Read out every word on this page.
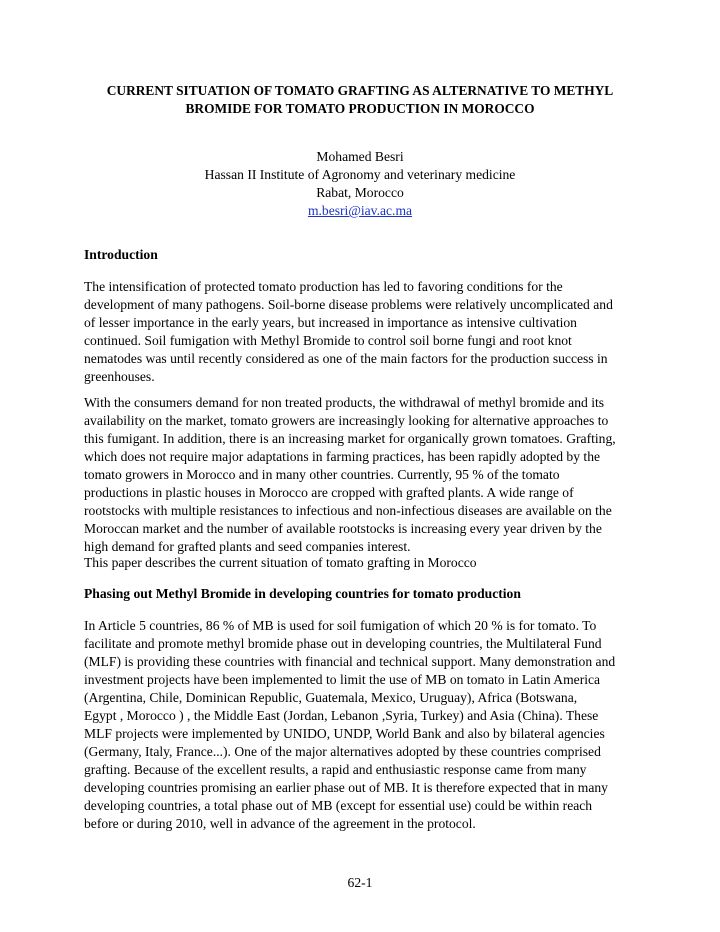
CURRENT SITUATION OF TOMATO GRAFTING AS ALTERNATIVE TO METHYL
BROMIDE FOR TOMATO PRODUCTION IN MOROCCO
Mohamed Besri
Hassan II Institute of Agronomy and veterinary medicine
Rabat, Morocco
m.besri@iav.ac.ma
Introduction

The intensification of protected tomato production has led to favoring conditions for the
development of many pathogens. Soil-borne disease problems were relatively uncomplicated and
of lesser importance in the early years, but increased in importance as intensive cultivation
continued. Soil fumigation with Methyl Bromide to control soil borne fungi and root knot
nematodes was until recently considered as one of the main factors for the production success in
greenhouses.

With the consumers demand for non treated products, the withdrawal of methyl bromide and its
availability on the market, tomato growers are increasingly looking for alternative approaches to
this fumigant. In addition, there is an increasing market for organically grown tomatoes. Grafting,
which does not require major adaptations in farming practices, has been rapidly adopted by the
tomato growers in Morocco and in many other countries. Currently, 95 % of the tomato
productions in plastic houses in Morocco are cropped with grafted plants. A wide range of
rootstocks with multiple resistances to infectious and non-infectious diseases are available on the
Moroccan market and the number of available rootstocks is increasing every year driven by the
high demand for grafted plants and seed companies interest.

This paper describes the current situation of tomato grafting in Morocco

Phasing out Methyl Bromide in developing countries for tomato production

In Article 5 countries, 86 % of MB is used for soil fumigation of which 20 % is for tomato. To
facilitate and promote methyl bromide phase out in developing countries, the Multilateral Fund
(MLF) is providing these countries with financial and technical support. Many demonstration and
investment projects have been implemented to limit the use of MB on tomato in Latin America
(Argentina, Chile, Dominican Republic, Guatemala, Mexico, Uruguay), Africa (Botswana,
Egypt , Morocco ) , the Middle East (Jordan, Lebanon ,Syria, Turkey) and Asia (China). These
MLF projects were implemented by UNIDO, UNDP, World Bank and also by bilateral agencies
(Germany, Italy, France...). One of the major alternatives adopted by these countries comprised
grafting. Because of the excellent results, a rapid and enthusiastic response came from many
developing countries promising an earlier phase out of MB. It is therefore expected that in many
developing countries, a total phase out of MB (except for essential use) could be within reach
before or during 2010, well in advance of the agreement in the protocol.

62-1
